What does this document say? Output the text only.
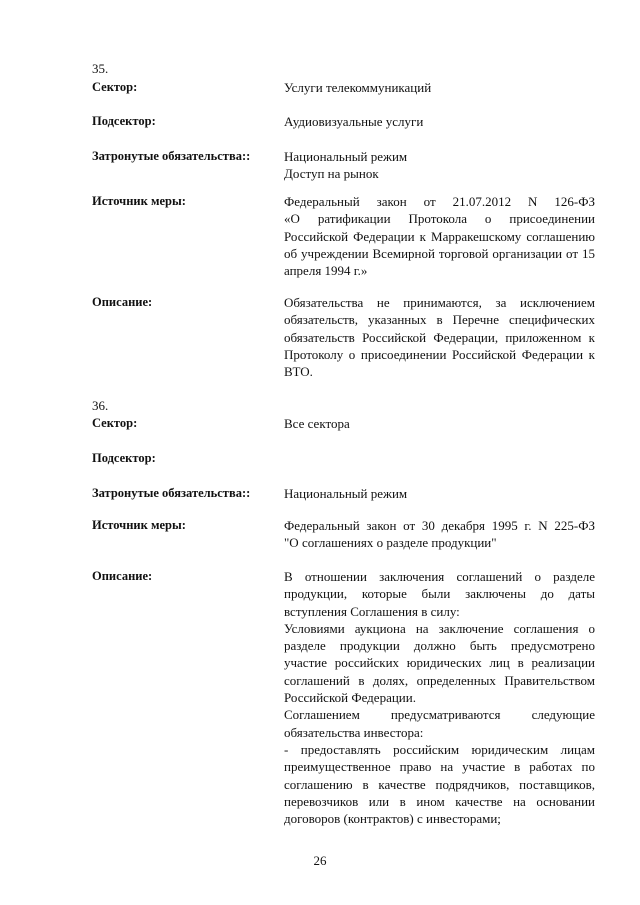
35.
Сектор:	Услуги телекоммуникаций
Подсектор:	Аудиовизуальные услуги
Затронутые обязательства::	Национальный режим
Доступ на рынок
Источник меры:	Федеральный закон от 21.07.2012 N 126-ФЗ
«О ратификации Протокола о присоединении
Российской Федерации к Марракешскому соглашению
об учреждении Всемирной торговой организации от 15
апреля 1994 г.»
Описание:	Обязательства не принимаются, за исключением
обязательств, указанных в Перечне специфических
обязательств Российской Федерации, приложенном к
Протоколу о присоединении Российской Федерации к
ВТО.
36.
Сектор:	Все сектора
Подсектор:
Затронутые обязательства::	Национальный режим
Источник меры:	Федеральный закон от 30 декабря 1995 г. N 225-ФЗ
"О соглашениях о разделе продукции"
Описание:	В отношении заключения соглашений о разделе
продукции, которые были заключены до даты
вступления Соглашения в силу:
Условиями аукциона на заключение соглашения о
разделе продукции должно быть предусмотрено
участие российских юридических лиц в реализации
соглашений в долях, определенных Правительством
Российской Федерации.
Соглашением предусматриваются следующие
обязательства инвестора:
- предоставлять российским юридическим лицам
преимущественное право на участие в работах по
соглашению в качестве подрядчиков, поставщиков,
перевозчиков или в ином качестве на основании
договоров (контрактов) с инвесторами;
26
